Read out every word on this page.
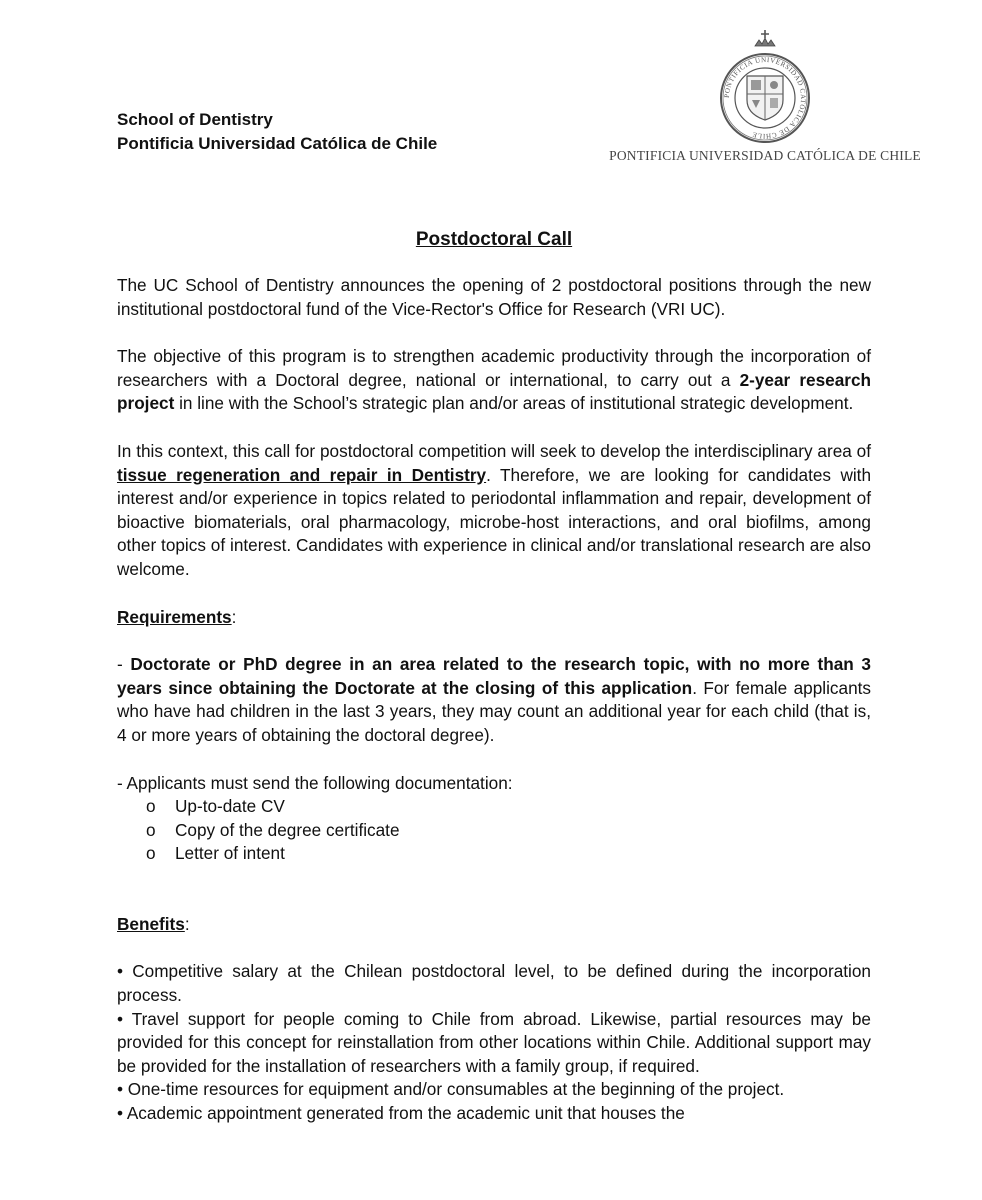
School of Dentistry
Pontificia Universidad Católica de Chile
PONTIFICIA UNIVERSIDAD CATÓLICA DE CHILE
PONTIFICIA UNIVERSIDAD CATÓLICA DE CHILE
Postdoctoral Call

The UC School of Dentistry announces the opening of 2 postdoctoral positions through the new institutional postdoctoral fund of the Vice-Rector's Office for Research (VRI UC).

The objective of this program is to strengthen academic productivity through the incorporation of researchers with a Doctoral degree, national or international, to carry out a 2-year research project in line with the School’s strategic plan and/or areas of institutional strategic development.

In this context, this call for postdoctoral competition will seek to develop the interdisciplinary area of tissue regeneration and repair in Dentistry. Therefore, we are looking for candidates with interest and/or experience in topics related to periodontal inflammation and repair, development of bioactive biomaterials, oral pharmacology, microbe-host interactions, and oral biofilms, among other topics of interest. Candidates with experience in clinical and/or translational research are also welcome.

Requirements:

- Doctorate or PhD degree in an area related to the research topic, with no more than 3 years since obtaining the Doctorate at the closing of this application. For female applicants who have had children in the last 3 years, they may count an additional year for each child (that is, 4 or more years of obtaining the doctoral degree).

- Applicants must send the following documentation:

o Up-to-date CV
o Copy of the degree certificate
o Letter of intent

Benefits:

• Competitive salary at the Chilean postdoctoral level, to be defined during the incorporation process.

• Travel support for people coming to Chile from abroad. Likewise, partial resources may be provided for this concept for reinstallation from other locations within Chile. Additional support may be provided for the installation of researchers with a family group, if required.

• One-time resources for equipment and/or consumables at the beginning of the project.

• Academic appointment generated from the academic unit that houses the
